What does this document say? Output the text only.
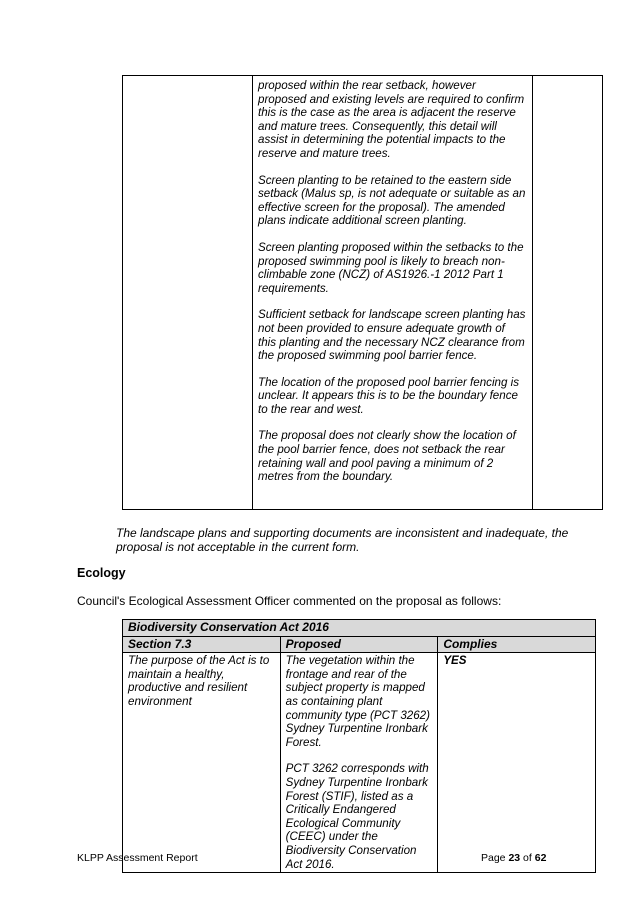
proposed within the rear setback, however proposed and existing levels are required to confirm this is the case as the area is adjacent the reserve and mature trees. Consequently, this detail will assist in determining the potential impacts to the reserve and mature trees.

Screen planting to be retained to the eastern side setback (Malus sp, is not adequate or suitable as an effective screen for the proposal). The amended plans indicate additional screen planting.

Screen planting proposed within the setbacks to the proposed swimming pool is likely to breach non-climbable zone (NCZ) of AS1926.-1 2012 Part 1 requirements.

Sufficient setback for landscape screen planting has not been provided to ensure adequate growth of this planting and the necessary NCZ clearance from the proposed swimming pool barrier fence.

The location of the proposed pool barrier fencing is unclear. It appears this is to be the boundary fence to the rear and west.

The proposal does not clearly show the location of the pool barrier fence, does not setback the rear retaining wall and pool paving a minimum of 2 metres from the boundary.

The landscape plans and supporting documents are inconsistent and inadequate, the proposal is not acceptable in the current form.

Ecology

Council's Ecological Assessment Officer commented on the proposal as follows:

Biodiversity Conservation Act 2016		
Section 7.3	Proposed	Complies
The purpose of the Act is to maintain a healthy, productive and resilient environment	The vegetation within the frontage and rear of the subject property is mapped as containing plant community type (PCT 3262) Sydney Turpentine Ironbark Forest.

PCT 3262 corresponds with Sydney Turpentine Ironbark Forest (STIF), listed as a Critically Endangered Ecological Community (CEEC) under the Biodiversity Conservation Act 2016.	YES

KLPP Assessment Report	Page 23 of 62
